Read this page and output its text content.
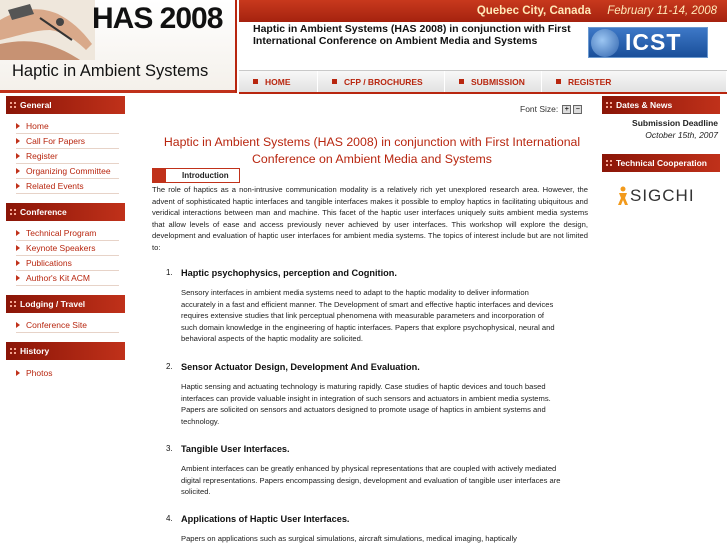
HAS 2008
Haptic in Ambient Systems
Quebec City, Canada February 11-14, 2008
Haptic in Ambient Systems (HAS 2008) in conjunction with First International Conference on Ambient Media and Systems	ICST
HOME	CFP / BROCHURES	SUBMISSION	REGISTER
General
Home
Call For Papers
Register
Organizing Committee
Related Events
Conference
Technical Program
Keynote Speakers
Publications
Author's Kit ACM
Lodging / Travel
Conference Site
History
Photos
Font Size: + −
Haptic in Ambient Systems (HAS 2008) in conjunction with First International Conference on Ambient Media and Systems
Introduction
The role of haptics as a non-intrusive communication modality is a relatively rich yet unexplored research area. However, the advent of sophisticated haptic interfaces and tangible interfaces makes it possible to employ haptics in facilitating ubiquitous and veridical interactions between man and machine. This facet of the haptic user interfaces uniquely suits ambient media systems that allow levels of ease and access previously never achieved by user interfaces. This workshop will explore the design, development and evaluation of haptic user interfaces for ambient media systems. The topics of interest include but are not limited to:
1. Haptic psychophysics, perception and Cognition.
Sensory interfaces in ambient media systems need to adapt to the haptic modality to deliver information accurately in a fast and efficient manner. The Development of smart and effective haptic interfaces and devices requires extensive studies that link perceptual phenomena with measurable parameters and incorporation of such domain knowledge in the engineering of haptic interfaces. Papers that explore psychophysical, neural and behavioral aspects of the haptic modality are solicited.
2. Sensor Actuator Design, Development And Evaluation.
Haptic sensing and actuating technology is maturing rapidly. Case studies of haptic devices and touch based interfaces can provide valuable insight in integration of such sensors and actuators in ambient media systems. Papers are solicited on sensors and actuators designed to promote usage of haptics in ambient systems and technology.
3. Tangible User Interfaces.
Ambient interfaces can be greatly enhanced by physical representations that are coupled with actively mediated digital representations. Papers encompassing design, development and evaluation of tangible user interfaces are solicited.
4. Applications of Haptic User Interfaces.
Papers on applications such as surgical simulations, aircraft simulations, medical imaging, haptically
Dates & News
Submission Deadline
October 15th, 2007
Technical Cooperation
SIGCHI
